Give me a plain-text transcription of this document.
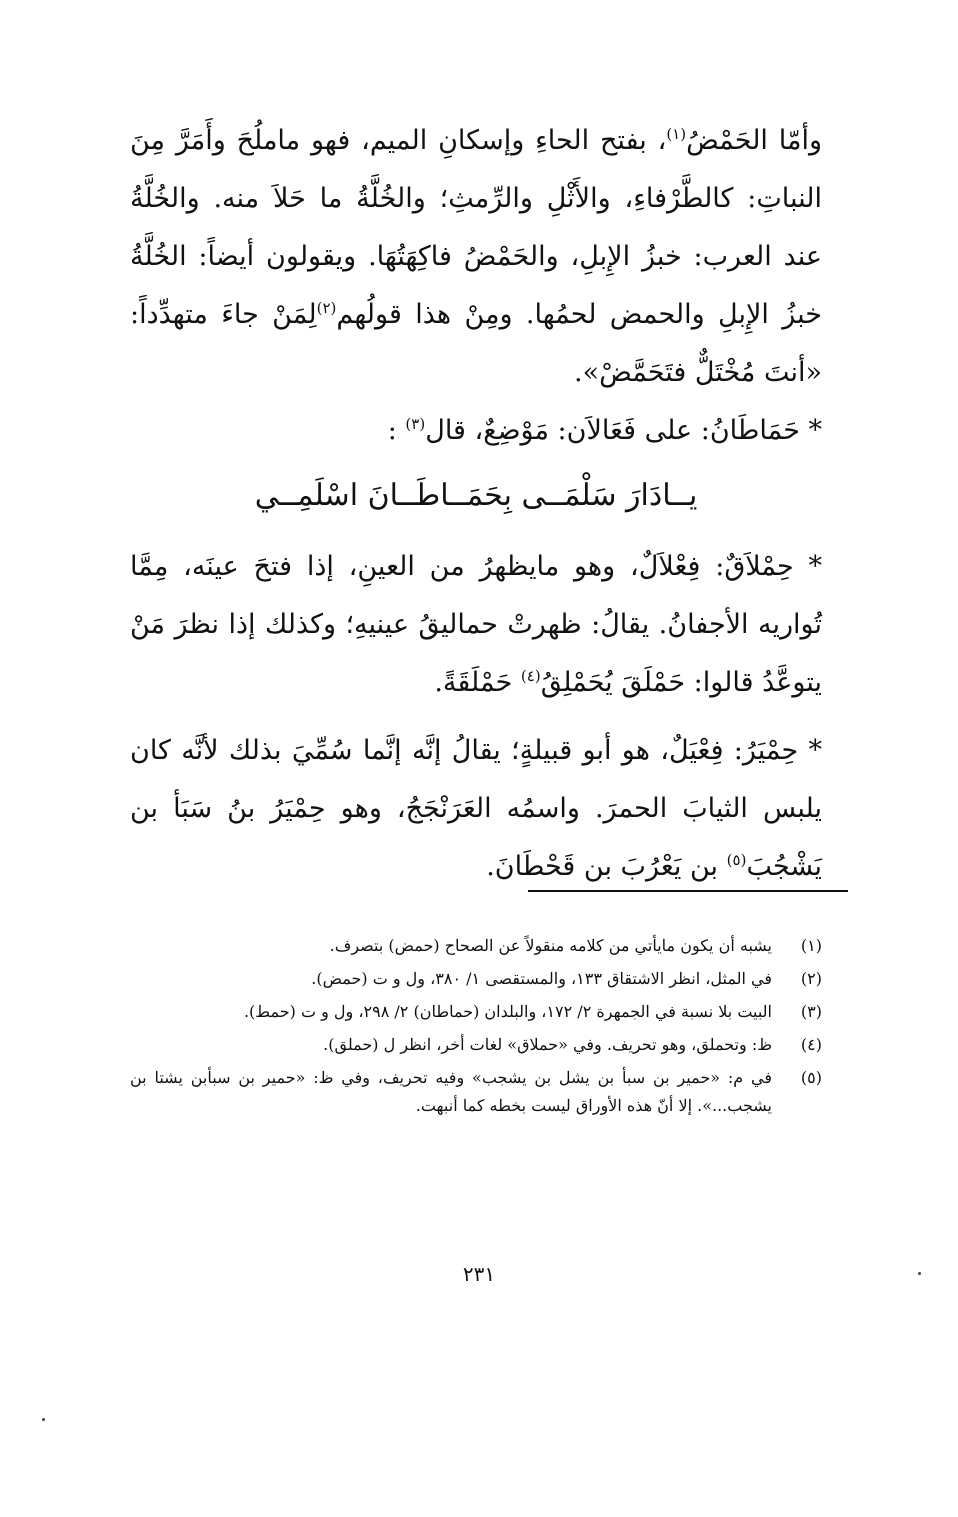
وأمّا الحَمْضُ$^{(١)}$، بفتح الحاءِ وإسكانِ الميم، فهو ماملُحَ وأَمَرَّ مِنَ النباتِ: كالطَّرْفاءِ، والأَثْلِ والرِّمثِ؛ والخُلَّةُ ما حَلاَ منه. والخُلَّةُ عند العرب: خبزُ الإِبلِ، والحَمْضُ فاكِهَتُهَا. ويقولون أيضاً: الخُلَّةُ خبزُ الإِبلِ والحمض لحمُها. ومِنْ هذا قولُهم$^{(٢)}$لِمَنْ جاءَ متهدِّداً: «أنتَ مُخْتَلٌّ فتَحَمَّضْ».

* حَمَاطَانُ: على فَعَالاَن: مَوْضِعٌ، قال$^{(٣)}$ :

يــادَارَ سَلْمَــى بِحَمَــاطَــانَ اسْلَمِــي

* حِمْلاَقٌ: فِعْلاَلٌ، وهو مايظهرُ من العينِ، إذا فتحَ عينَه، مِمَّا تُواريه الأجفانُ. يقالُ: ظهرتْ حماليقُ عينيهِ؛ وكذلك إذا نظرَ مَنْ يتوعَّدُ قالوا: حَمْلَقَ يُحَمْلِقُ$^{(٤)}$ حَمْلَقَةً.

* حِمْيَرُ: فِعْيَلٌ، هو أبو قبيلةٍ؛ يقالُ إنَّه إنَّما سُمِّيَ بذلك لأنَّه كان يلبس الثيابَ الحمرَ. واسمُه العَرَنْجَجُ، وهو حِمْيَرُ بنُ سَبَأ بن يَشْجُبَ$^{(٥)}$ بن يَعْرُبَ بن قَحْطَانَ.

(١)
يشبه أن يكون مايأتي من كلامه منقولاً عن الصحاح (حمض) بتصرف.
(٢)
في المثل، انظر الاشتقاق ١٣٣، والمستقصى ١/ ٣٨٠، ول و ت (حمض).
(٣)
البيت بلا نسبة في الجمهرة ٢/ ١٧٢، والبلدان (حماطان) ٢/ ٢٩٨، ول و ت (حمط).
(٤)
ظ: وتحملق، وهو تحريف. وفي «حملاق» لغات أخر، انظر ل (حملق).
(٥)
في م: «حمير بن سبأ بن يشل بن يشجب» وفيه تحريف، وفي ظ: «حمير بن سبأبن يشتا بن يشجب...». إلا أنّ هذه الأوراق ليست بخطه كما أنبهت.
٢٣١
